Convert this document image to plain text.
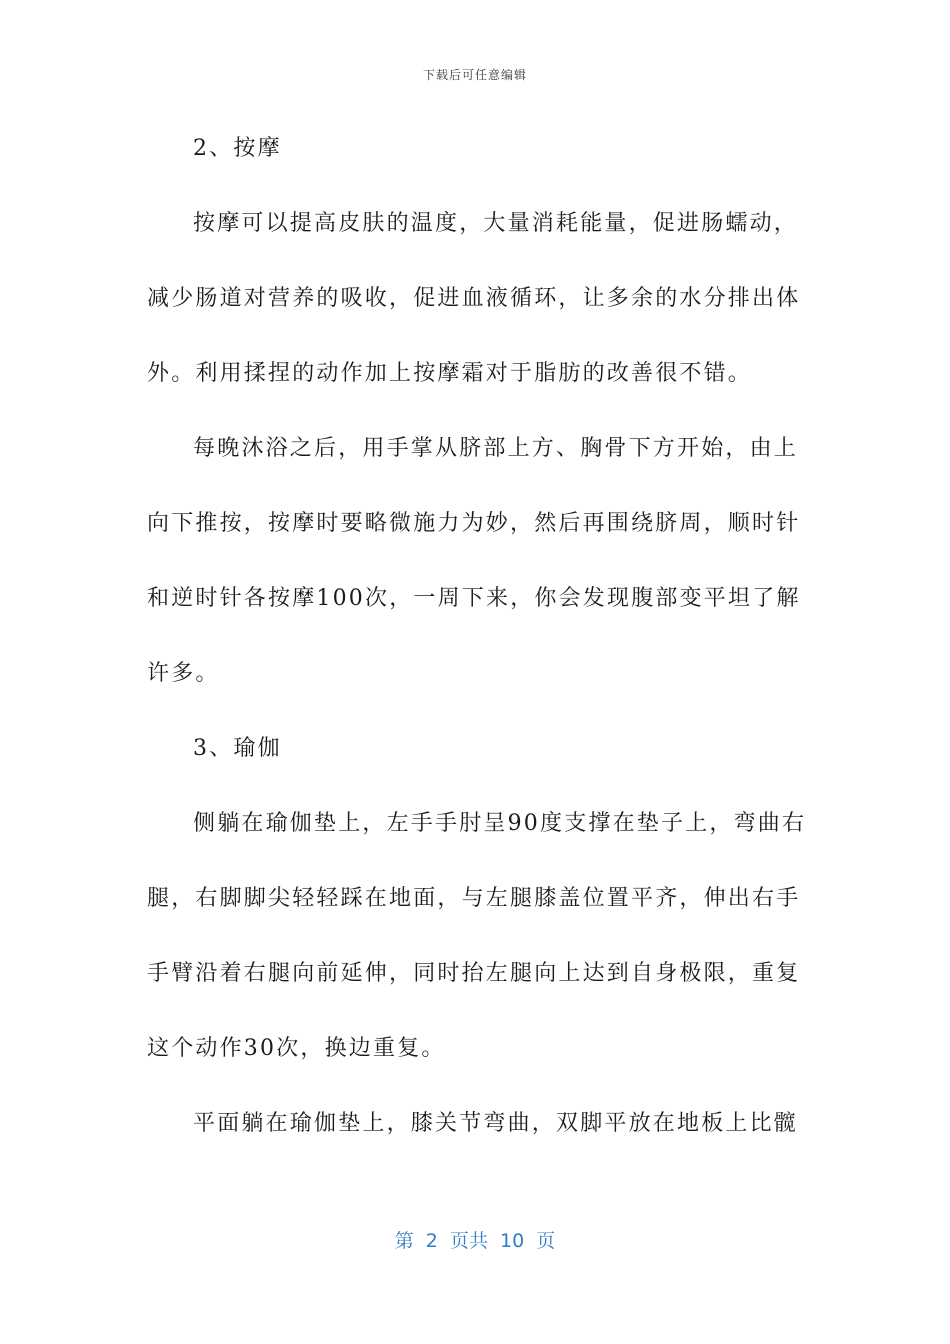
下载后可任意编辑
2、按摩
按摩可以提高皮肤的温度，大量消耗能量，促进肠蠕动，
减少肠道对营养的吸收，促进血液循环，让多余的水分排出体
外。利用揉捏的动作加上按摩霜对于脂肪的改善很不错。
每晚沐浴之后，用手掌从脐部上方、胸骨下方开始，由上
向下推按，按摩时要略微施力为妙，然后再围绕脐周，顺时针
和逆时针各按摩100次，一周下来，你会发现腹部变平坦了解
许多。
3、瑜伽
侧躺在瑜伽垫上，左手手肘呈90度支撑在垫子上，弯曲右
腿，右脚脚尖轻轻踩在地面，与左腿膝盖位置平齐，伸出右手
手臂沿着右腿向前延伸，同时抬左腿向上达到自身极限，重复
这个动作30次，换边重复。
平面躺在瑜伽垫上，膝关节弯曲，双脚平放在地板上比髋
第  2  页共  10  页
